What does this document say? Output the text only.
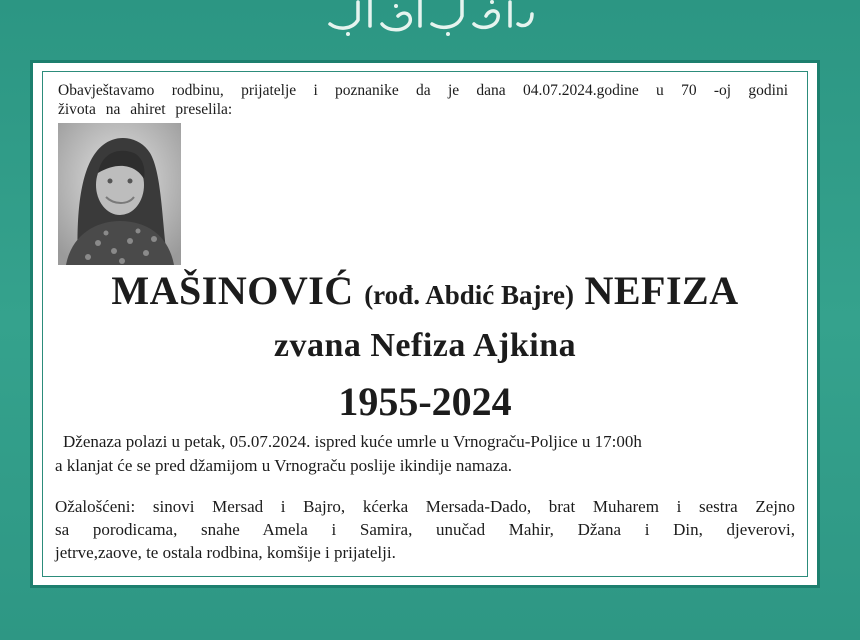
Obavještavamo rodbinu, prijatelje i poznanike da je dana 04.07.2024.godine u 70 -oj godini
života na ahiret preselila:
MAŠINOVIĆ (rođ. Abdić Bajre) NEFIZA
zvana Nefiza Ajkina
1955-2024
Dženaza polazi u petak, 05.07.2024. ispred kuće umrle u Vrnograču-Poljice u 17:00h
a klanjat će se pred džamijom u Vrnograču poslije ikindije namaza.
Ožalošćeni: sinovi Mersad i Bajro, kćerka Mersada-Dado, brat Muharem i sestra Zejno
sa porodicama, snahe Amela i Samira, unučad Mahir, Džana i Din, djeverovi,
jetrve,zaove, te ostala rodbina, komšije i prijatelji.
